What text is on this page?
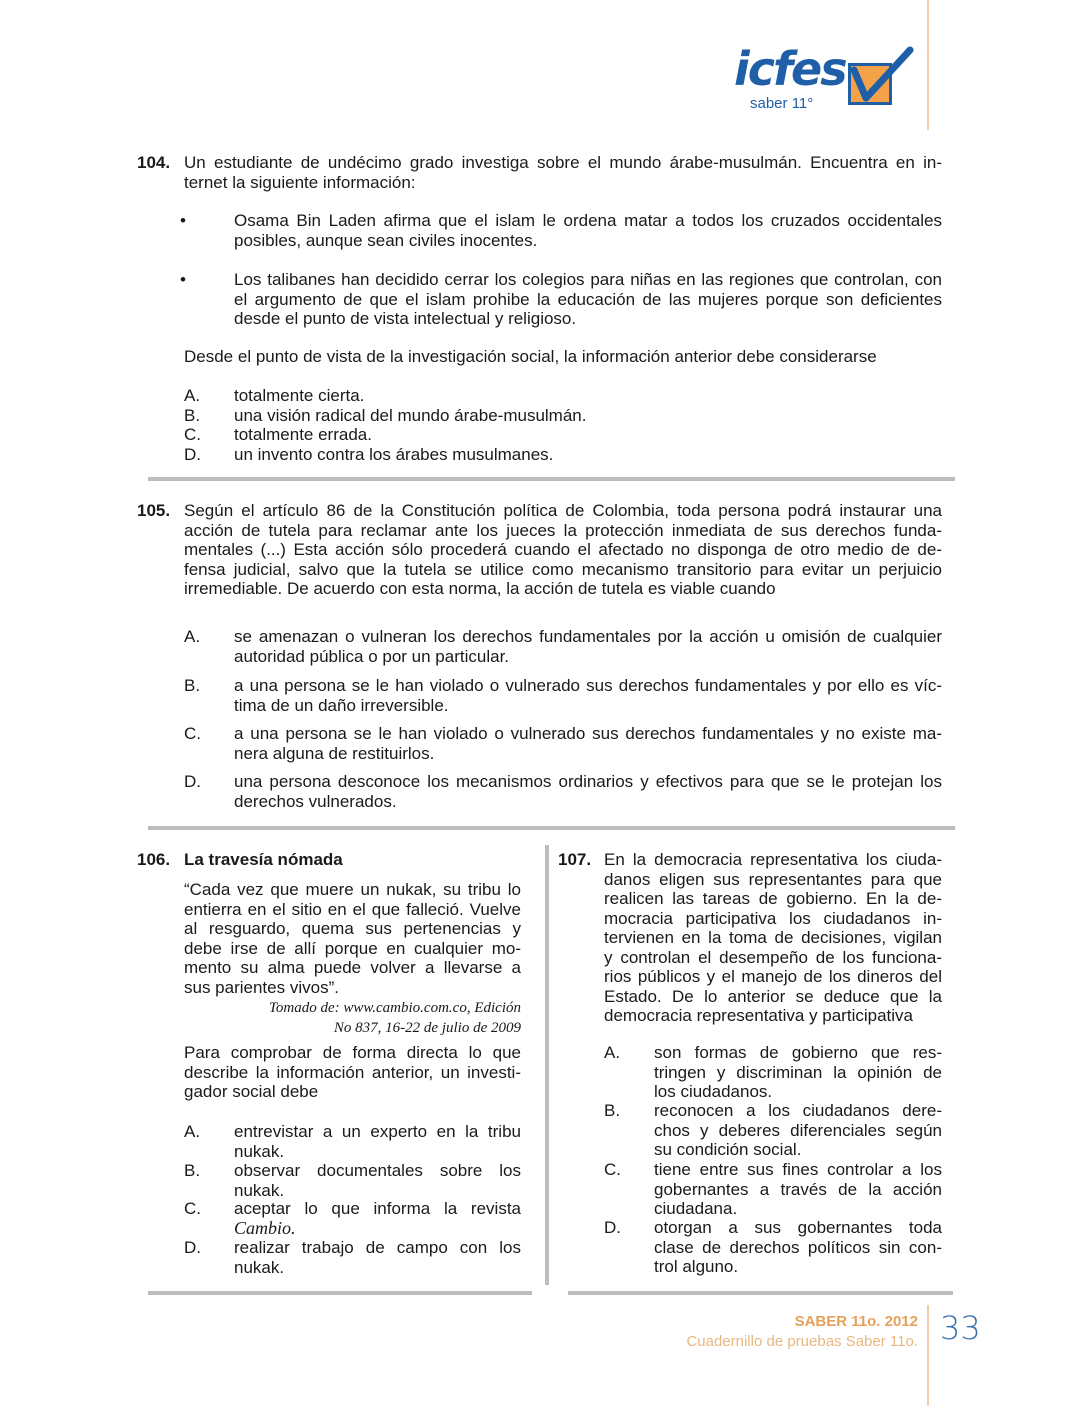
icfes
saber 11°
104. Un estudiante de undécimo grado investiga sobre el mundo árabe-musulmán. Encuentra en in-
ternet la siguiente información:
•	Osama Bin Laden afirma que el islam le ordena matar a todos los cruzados occidentales
posibles, aunque sean civiles inocentes.
•	Los talibanes han decidido cerrar los colegios para niñas en las regiones que controlan, con
el argumento de que el islam prohibe la educación de las mujeres porque son deficientes
desde el punto de vista intelectual y religioso.
Desde el punto de vista de la investigación social, la información anterior debe considerarse
A. totalmente cierta.
B. una visión radical del mundo árabe-musulmán.
C. totalmente errada.
D. un invento contra los árabes musulmanes.
105. Según el artículo 86 de la Constitución política de Colombia, toda persona podrá instaurar una
acción de tutela para reclamar ante los jueces la protección inmediata de sus derechos funda-
mentales (...) Esta acción sólo procederá cuando el afectado no disponga de otro medio de de-
fensa judicial, salvo que la tutela se utilice como mecanismo transitorio para evitar un perjuicio
irremediable. De acuerdo con esta norma, la acción de tutela es viable cuando
A. se amenazan o vulneran los derechos fundamentales por la acción u omisión de cualquier
autoridad pública o por un particular.
B. a una persona se le han violado o vulnerado sus derechos fundamentales y por ello es víc-
tima de un daño irreversible.
C. a una persona se le han violado o vulnerado sus derechos fundamentales y no existe ma-
nera alguna de restituirlos.
D. una persona desconoce los mecanismos ordinarios y efectivos para que se le protejan los
derechos vulnerados.
106. La travesía nómada
“Cada vez que muere un nukak, su tribu lo
entierra en el sitio en el que falleció. Vuelve
al resguardo, quema sus pertenencias y
debe irse de allí porque en cualquier mo-
mento su alma puede volver a llevarse a
sus parientes vivos”.
Tomado de: www.cambio.com.co, Edición
No 837, 16-22 de julio de 2009
Para comprobar de forma directa lo que
describe la información anterior, un investi-
gador social debe
A. entrevistar a un experto en la tribu
nukak.
B. observar documentales sobre los
nukak.
C. aceptar lo que informa la revista
Cambio.
D. realizar trabajo de campo con los
nukak.
107. En la democracia representativa los ciuda-
danos eligen sus representantes para que
realicen las tareas de gobierno. En la de-
mocracia participativa los ciudadanos in-
tervienen en la toma de decisiones, vigilan
y controlan el desempeño de los funciona-
rios públicos y el manejo de los dineros del
Estado. De lo anterior se deduce que la
democracia representativa y participativa
A. son formas de gobierno que res-
tringen y discriminan la opinión de
los ciudadanos.
B. reconocen a los ciudadanos dere-
chos y deberes diferenciales según
su condición social.
C. tiene entre sus fines controlar a los
gobernantes a través de la acción
ciudadana.
D. otorgan a sus gobernantes toda
clase de derechos políticos sin con-
trol alguno.
SABER 11o. 2012
Cuadernillo de pruebas Saber 11o. 33
